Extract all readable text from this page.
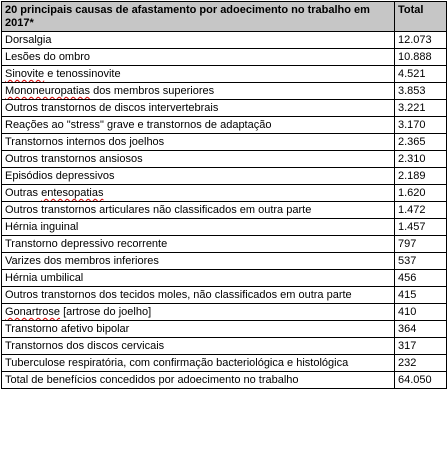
20 principais causas de afastamento por adoecimento no trabalho em 2017*	Total
Dorsalgia	12.073
Lesões do ombro	10.888
Sinovite e tenossinovite	4.521
Mononeuropatias dos membros superiores	3.853
Outros transtornos de discos intervertebrais	3.221
Reações ao "stress" grave e transtornos de adaptação	3.170
Transtornos internos dos joelhos	2.365
Outros transtornos ansiosos	2.310
Episódios depressivos	2.189
Outras entesopatias	1.620
Outros transtornos articulares não classificados em outra parte	1.472
Hérnia inguinal	1.457
Transtorno depressivo recorrente	797
Varizes dos membros inferiores	537
Hérnia umbilical	456
Outros transtornos dos tecidos moles, não classificados em outra parte	415
Gonartrose [artrose do joelho]	410
Transtorno afetivo bipolar	364
Transtornos dos discos cervicais	317
Tuberculose respiratória, com confirmação bacteriológica e histológica	232
Total de benefícios concedidos por adoecimento no trabalho	64.050
